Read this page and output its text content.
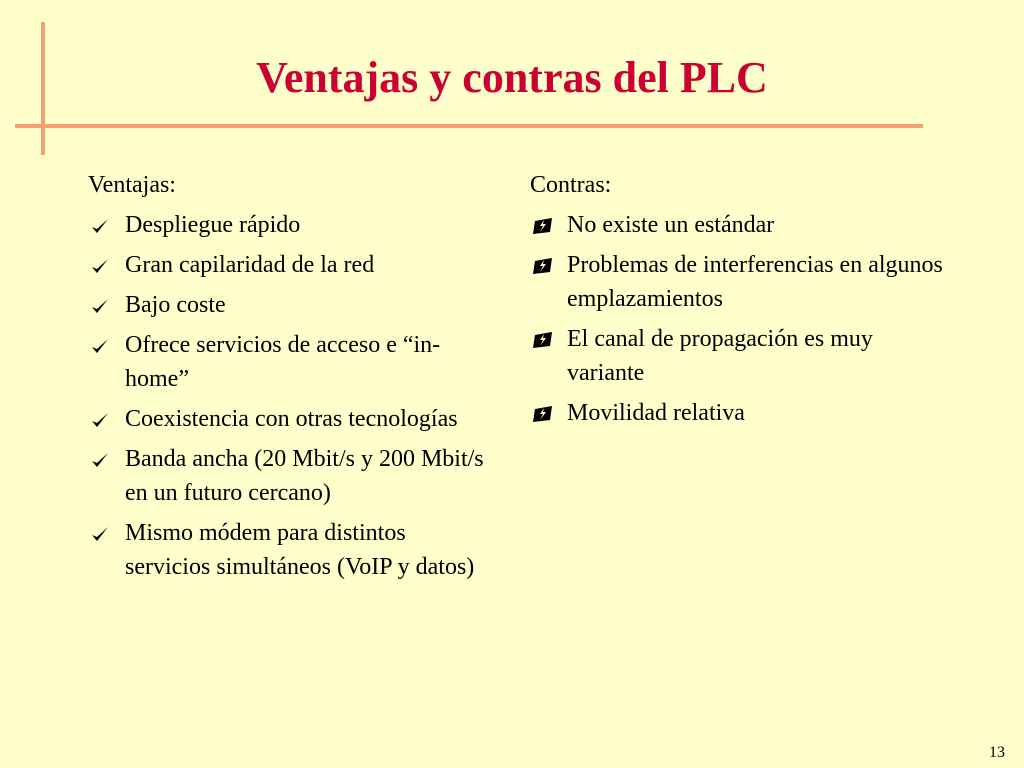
Ventajas y contras del PLC
Ventajas:
Despliegue rápido
Gran capilaridad de la red
Bajo coste
Ofrece servicios de acceso e “in-home”
Coexistencia con otras tecnologías
Banda ancha (20 Mbit/s y 200 Mbit/s en un futuro cercano)
Mismo módem para distintos servicios simultáneos (VoIP y datos)
Contras:
No existe un estándar
Problemas de interferencias en algunos emplazamientos
El canal de propagación es muy variante
Movilidad relativa
13
